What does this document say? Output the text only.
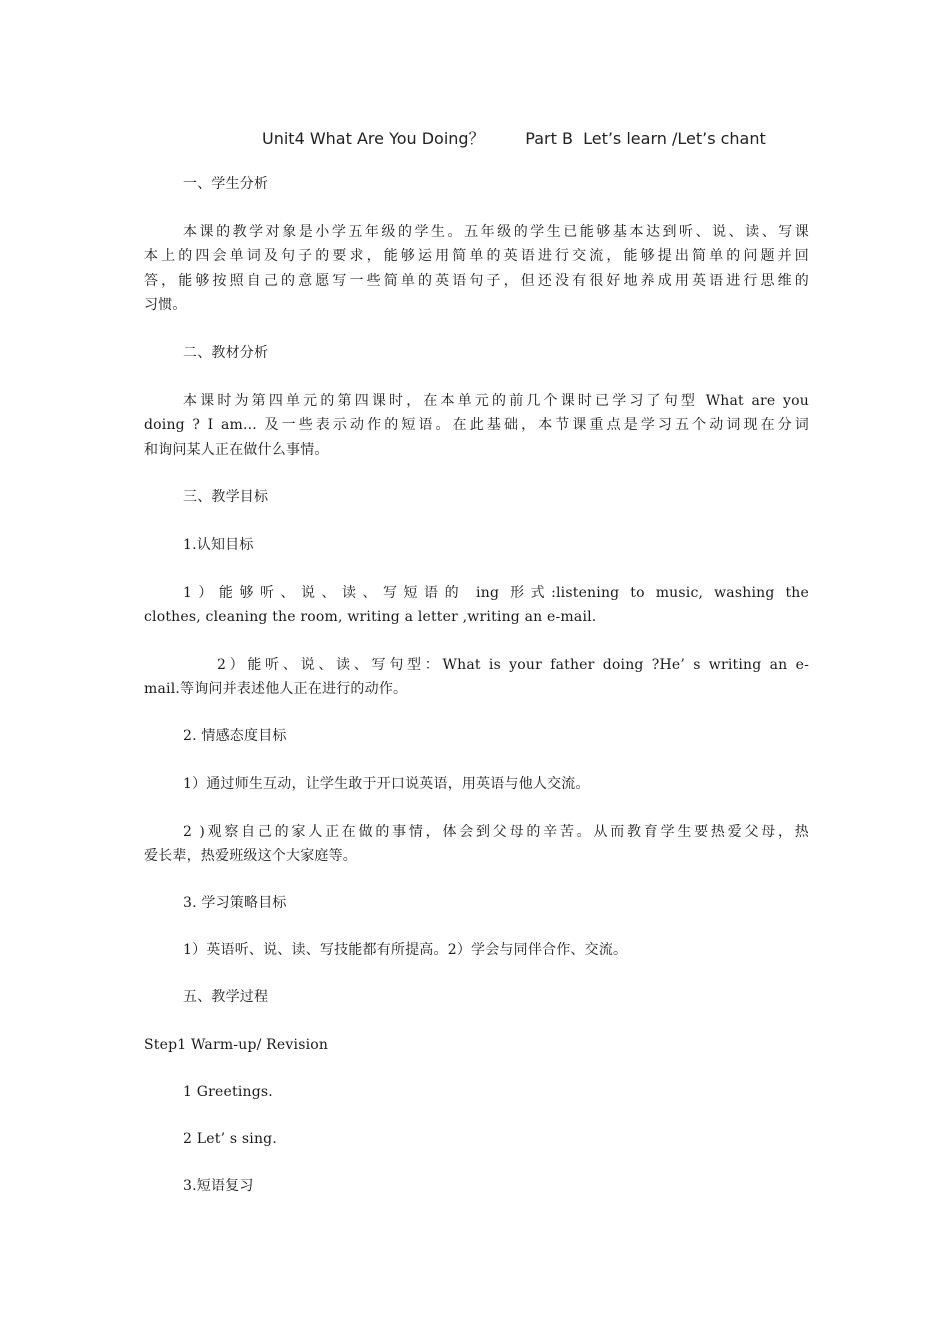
Unit4 What Are You Doing？        Part B  Let’s learn /Let’s chant
一、学生分析
本课的教学对象是小学五年级的学生。五年级的学生已能够基本达到听、说、读、写课
本上的四会单词及句子的要求，能够运用简单的英语进行交流，能够提出简单的问题并回
答，能够按照自己的意愿写一些简单的英语句子，但还没有很好地养成用英语进行思维的
习惯。
二、教材分析
本课时为第四单元的第四课时，在本单元的前几个课时已学习了句型 What are you
doing ? I am... 及一些表示动作的短语。在此基础，本节课重点是学习五个动词现在分词
和询问某人正在做什么事情。
三、教学目标
1.认知目标
1）能够听、说、读、写短语的 ing 形式:listening to music, washing the
clothes, cleaning the room, writing a letter ,writing an e-mail.
2）能听、说、读、写句型：What is your father doing ?He’ s writing an e-
mail.等询问并表述他人正在进行的动作。
2. 情感态度目标
1）通过师生互动，让学生敢于开口说英语，用英语与他人交流。
2 )观察自己的家人正在做的事情，体会到父母的辛苦。从而教育学生要热爱父母，热
爱长辈，热爱班级这个大家庭等。
3. 学习策略目标
1）英语听、说、读、写技能都有所提高。2）学会与同伴合作、交流。
五、教学过程
Step1 Warm-up/ Revision
1 Greetings.
2 Let’ s sing.
3.短语复习
